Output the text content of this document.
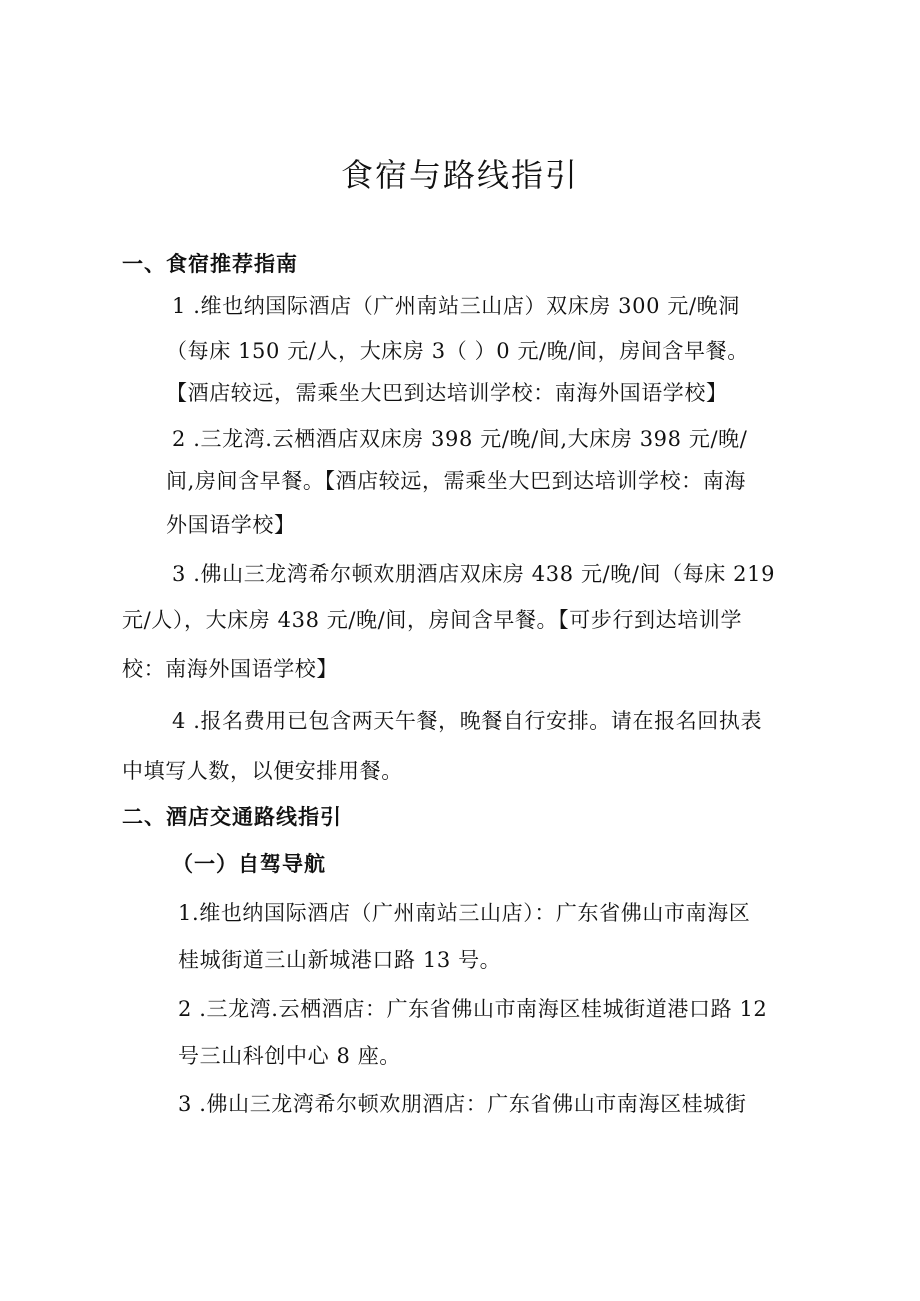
食宿与路线指引
一、食宿推荐指南
1 .维也纳国际酒店（广州南站三山店）双床房 300 元/晚洞
（每床 150 元/人，大床房 3（ ）0 元/晚/间，房间含早餐。
【酒店较远，需乘坐大巴到达培训学校：南海外国语学校】
2 .三龙湾.云栖酒店双床房 398 元/晚/间,大床房 398 元/晚/
间,房间含早餐。【酒店较远，需乘坐大巴到达培训学校：南海
外国语学校】
3 .佛山三龙湾希尔顿欢朋酒店双床房 438 元/晚/间（每床 219
元/人），大床房 438 元/晚/间，房间含早餐。【可步行到达培训学
校：南海外国语学校】
4 .报名费用已包含两天午餐，晚餐自行安排。请在报名回执表
中填写人数，以便安排用餐。
二、酒店交通路线指引
（一）自驾导航
1.维也纳国际酒店（广州南站三山店）：广东省佛山市南海区
桂城街道三山新城港口路 13 号。
2 .三龙湾.云栖酒店：广东省佛山市南海区桂城街道港口路 12
号三山科创中心 8 座。
3 .佛山三龙湾希尔顿欢朋酒店：广东省佛山市南海区桂城街
